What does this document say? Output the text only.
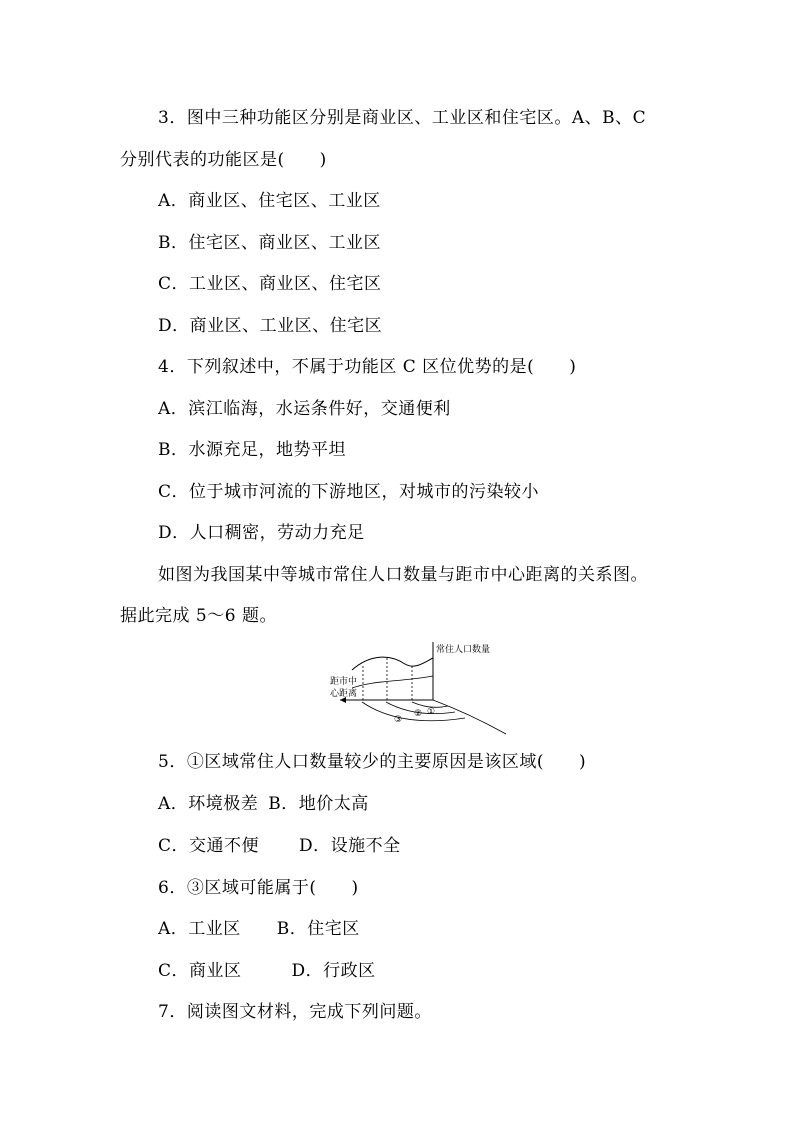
3．图中三种功能区分别是商业区、工业区和住宅区。A、B、C
分别代表的功能区是(　　)
A．商业区、住宅区、工业区
B．住宅区、商业区、工业区
C．工业区、商业区、住宅区
D．商业区、工业区、住宅区
4．下列叙述中，不属于功能区 C 区位优势的是(　　)
A．滨江临海，水运条件好，交通便利
B．水源充足，地势平坦
C．位于城市河流的下游地区，对城市的污染较小
D．人口稠密，劳动力充足
如图为我国某中等城市常住人口数量与距市中心距离的关系图。
据此完成 5～6 题。
常住人口数量
距市中
心距离
①
②
③
5．①区域常住人口数量较少的主要原因是该区域(　　)
A．环境极差 B．地价太高
C．交通不便 D．设施不全
6．③区域可能属于(　　)
A．工业区 B．住宅区
C．商业区	D．行政区
7．阅读图文材料，完成下列问题。
